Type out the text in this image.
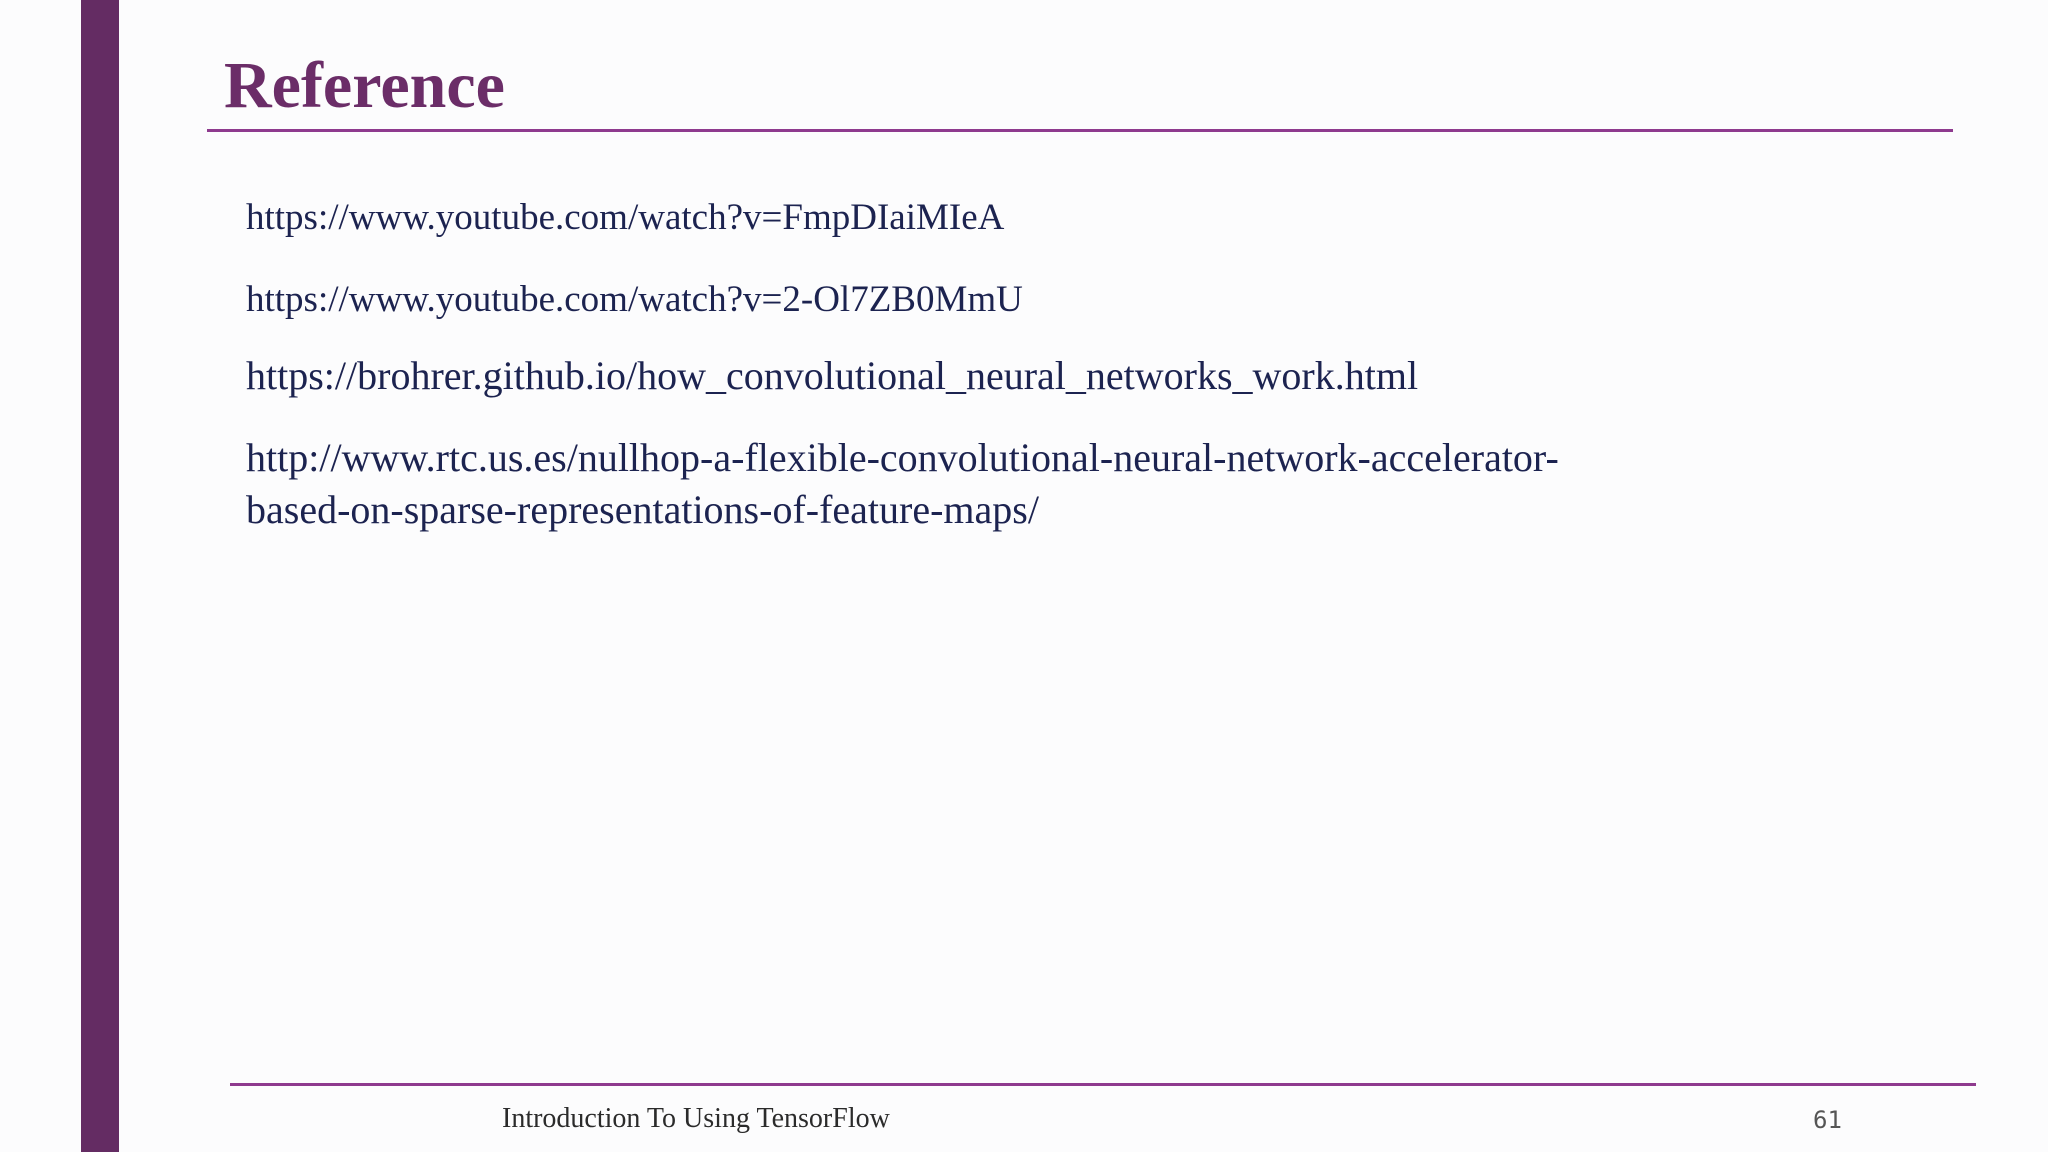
Reference
https://www.youtube.com/watch?v=FmpDIaiMIeA
https://www.youtube.com/watch?v=2-Ol7ZB0MmU
https://brohrer.github.io/how_convolutional_neural_networks_work.html
http://www.rtc.us.es/nullhop-a-flexible-convolutional-neural-network-accelerator-
based-on-sparse-representations-of-feature-maps/
Introduction To Using TensorFlow	61
